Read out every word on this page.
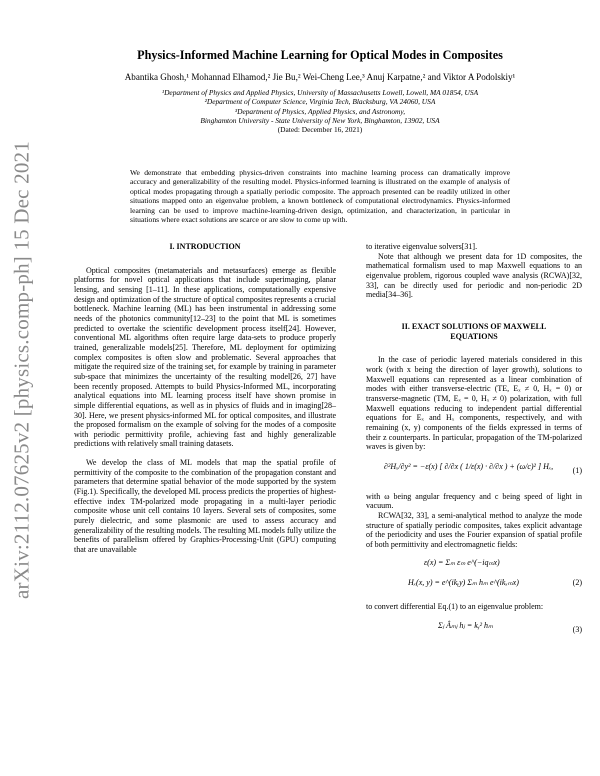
arXiv:2112.07625v2 [physics.comp-ph] 15 Dec 2021
Physics-Informed Machine Learning for Optical Modes in Composites
Abantika Ghosh,¹ Mohannad Elhamod,² Jie Bu,² Wei-Cheng Lee,³ Anuj Karpatne,² and Viktor A Podolskiy¹
¹Department of Physics and Applied Physics, University of Massachusetts Lowell, Lowell, MA 01854, USA
²Department of Computer Science, Virginia Tech, Blacksburg, VA 24060, USA
³Department of Physics, Applied Physics, and Astronomy,
Binghamton University - State University of New York, Binghamton, 13902, USA
(Dated: December 16, 2021)
We demonstrate that embedding physics-driven constraints into machine learning process can dramatically improve accuracy and generalizability of the resulting model. Physics-informed learning is illustrated on the example of analysis of optical modes propagating through a spatially periodic composite. The approach presented can be readily utilized in other situations mapped onto an eigenvalue problem, a known bottleneck of computational electrodynamics. Physics-informed learning can be used to improve machine-learning-driven design, optimization, and characterization, in particular in situations where exact solutions are scarce or are slow to come up with.

I. INTRODUCTION

Optical composites (metamaterials and metasurfaces) emerge as flexible platforms for novel optical applications that include superimaging, planar lensing, and sensing [1–11]. In these applications, computationally expensive design and optimization of the structure of optical composites represents a crucial bottleneck. Machine learning (ML) has been instrumental in addressing some needs of the photonics community[12–23] to the point that ML is sometimes predicted to overtake the scientific development process itself[24]. However, conventional ML algorithms often require large data-sets to produce properly trained, generalizable models[25]. Therefore, ML deployment for optimizing complex composites is often slow and problematic. Several approaches that mitigate the required size of the training set, for example by training in parameter sub-space that minimizes the uncertainty of the resulting model[26, 27] have been recently proposed. Attempts to build Physics-Informed ML, incorporating analytical equations into ML learning process itself have shown promise in simple differential equations, as well as in physics of fluids and in imaging[28–30]. Here, we present physics-informed ML for optical composites, and illustrate the proposed formalism on the example of solving for the modes of a composite with periodic permittivity profile, achieving fast and highly generalizable predictions with relatively small training datasets.

We develop the class of ML models that map the spatial profile of permittivity of the composite to the combination of the propagation constant and parameters that determine spatial behavior of the mode supported by the system (Fig.1). Specifically, the developed ML process predicts the properties of highest-effective index TM-polarized mode propagating in a multi-layer periodic composite whose unit cell contains 10 layers. Several sets of composites, some purely dielectric, and some plasmonic are used to assess accuracy and generalizability of the resulting models. The resulting ML models fully utilize the benefits of parallelism offered by Graphics-Processing-Unit (GPU) computing that are unavailable

to iterative eigenvalue solvers[31].

Note that although we present data for 1D composites, the mathematical formalism used to map Maxwell equations to an eigenvalue problem, rigorous coupled wave analysis (RCWA)[32, 33], can be directly used for periodic and non-periodic 2D media[34–36].

II. EXACT SOLUTIONS OF MAXWELL

EQUATIONS

In the case of periodic layered materials considered in this work (with x being the direction of layer growth), solutions to Maxwell equations can represented as a linear combination of modes with either transverse-electric (TE, Eₓ ≠ 0, Hₓ = 0) or transverse-magnetic (TM, Eₓ = 0, Hₓ ≠ 0) polarization, with full Maxwell equations reducing to independent partial differential equations for Eₓ and Hₓ components, respectively, and with remaining (x, y) components of the fields expressed in terms of their z counterparts. In particular, propagation of the TM-polarized waves is given by:

∂²Hₓ/∂y² = −ε(x) [ ∂/∂x ( 1/ε(x) · ∂/∂x ) + (ω/c)² ] Hₓ, (1)

with ω being angular frequency and c being speed of light in vacuum.

RCWA[32, 33], a semi-analytical method to analyze the mode structure of spatially periodic composites, takes explicit advantage of the periodicity and uses the Fourier expansion of spatial profile of both permittivity and electromagnetic fields:

ε(x) = Σₘ εₘ e^(−iqₘx)
Hₓ(x, y) = e^(ikᵧy) Σₘ hₘ e^(ikₓₘx)	(2)

to convert differential Eq.(1) to an eigenvalue problem:

Σⱼ Âₘⱼ hⱼ = kᵧ² hₘ	(3)
